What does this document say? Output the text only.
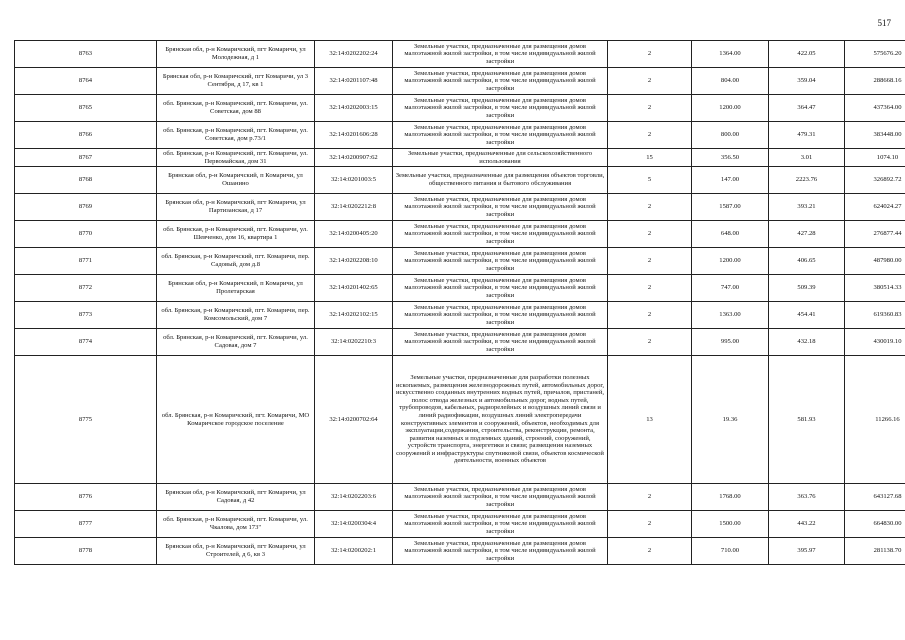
517
8763	Брянская обл, р-н Комаричский, пгт Комаричи, ул Молодежная, д 1	32:14:0202202:24	Земельные участки, предназначенные для размещения домов малоэтажной жилой застройки, в том числе индивидуальной жилой застройки	2	1364.00	422.05	575676.20
8764	Брянская обл, р-н Комаричский, пгт Комаричи, ул 3 Сентября, д 17, кв 1	32:14:0201107:48	Земельные участки, предназначенные для размещения домов малоэтажной жилой застройки, в том числе индивидуальной жилой застройки	2	804.00	359.04	288668.16
8765	обл. Брянская, р-н Комаричский, пгт. Комаричи, ул. Советская, дом 88	32:14:0202003:15	Земельные участки, предназначенные для размещения домов малоэтажной жилой застройки, в том числе индивидуальной жилой застройки	2	1200.00	364.47	437364.00
8766	обл. Брянская, р-н Комаричский, пгт. Комаричи, ул. Советская, дом р.73/1	32:14:0201606:28	Земельные участки, предназначенные для размещения домов малоэтажной жилой застройки, в том числе индивидуальной жилой застройки	2	800.00	479.31	383448.00
8767	обл. Брянская, р-н Комаричский, пгт. Комаричи, ул. Первомайская, дом 31	32:14:0200907:62	Земельные участки, предназначенные для сельскохозяйственного использования	15	356.50	3.01	1074.10
8768	Брянская обл, р-н Комаричский, п Комаричи, ул Ошанино	32:14:0201003:5	Земельные участки, предназначенные для размещения объектов торговли, общественного питания и бытового обслуживания	5	147.00	2223.76	326892.72
8769	Брянская обл, р-н Комаричский, пгт Комаричи, ул Партизанская, д 17	32:14:0202212:8	Земельные участки, предназначенные для размещения домов малоэтажной жилой застройки, в том числе индивидуальной жилой застройки	2	1587.00	393.21	624024.27
8770	обл. Брянская, р-н Комаричский, пгт. Комаричи, ул. Шевченко, дом 16, квартира 1	32:14:0200405:20	Земельные участки, предназначенные для размещения домов малоэтажной жилой застройки, в том числе индивидуальной жилой застройки	2	648.00	427.28	276877.44
8771	обл. Брянская, р-н Комаричский, пгт. Комаричи, пер. Садовый, дом д.8	32:14:0202208:10	Земельные участки, предназначенные для размещения домов малоэтажной жилой застройки, в том числе индивидуальной жилой застройки	2	1200.00	406.65	487980.00
8772	Брянская обл, р-н Комаричский, п Комаричи, ул Пролетарская	32:14:0201402:65	Земельные участки, предназначенные для размещения домов малоэтажной жилой застройки, в том числе индивидуальной жилой застройки	2	747.00	509.39	380514.33
8773	обл. Брянская, р-н Комаричский, пгт. Комаричи, пер. Комсомольский, дом 7	32:14:0202102:15	Земельные участки, предназначенные для размещения домов малоэтажной жилой застройки, в том числе индивидуальной жилой застройки	2	1363.00	454.41	619360.83
8774	обл. Брянская, р-н Комаричский, пгт. Комаричи, ул. Садовая, дом 7	32:14:0202210:3	Земельные участки, предназначенные для размещения домов малоэтажной жилой застройки, в том числе индивидуальной жилой застройки	2	995.00	432.18	430019.10
8775	обл. Брянская, р-н Комаричский, пгт. Комаричи, МО Комаричское городское поселение	32:14:0200702:64	Земельные участки, предназначенные для разработки полезных ископаемых, размещения железнодорожных путей, автомобильных дорог, искусственно созданных внутренних водных путей, причалов, пристаней, полос отвода железных и автомобильных дорог, водных путей, трубопроводов, кабельных, радиорелейных и воздушных линий связи и линий радиофикации, воздушных линий электропередачи конструктивных элементов и сооружений, объектов, необходимых для эксплуатации,содержания, строительства, реконструкции, ремонта, развития наземных и подземных зданий, строений, сооружений, устройств транспорта, энергетики и связи; размещения наземных сооружений и инфраструктуры спутниковой связи, объектов космической деятельности, военных объектов	13	19.36	581.93	11266.16
8776	Брянская обл, р-н Комаричский, пгт Комаричи, ул Садовая, д 42	32:14:0202203:6	Земельные участки, предназначенные для размещения домов малоэтажной жилой застройки, в том числе индивидуальной жилой застройки	2	1768.00	363.76	643127.68
8777	обл. Брянская, р-н Комаричский, пгт. Комаричи, ул. Чкалова, дом 173"	32:14:0200304:4	Земельные участки, предназначенные для размещения домов малоэтажной жилой застройки, в том числе индивидуальной жилой застройки	2	1500.00	443.22	664830.00
8778	Брянская обл, р-н Комаричский, пгт Комаричи, ул Строителей, д 6, кв 3	32:14:0200202:1	Земельные участки, предназначенные для размещения домов малоэтажной жилой застройки, в том числе индивидуальной жилой застройки	2	710.00	395.97	281138.70
